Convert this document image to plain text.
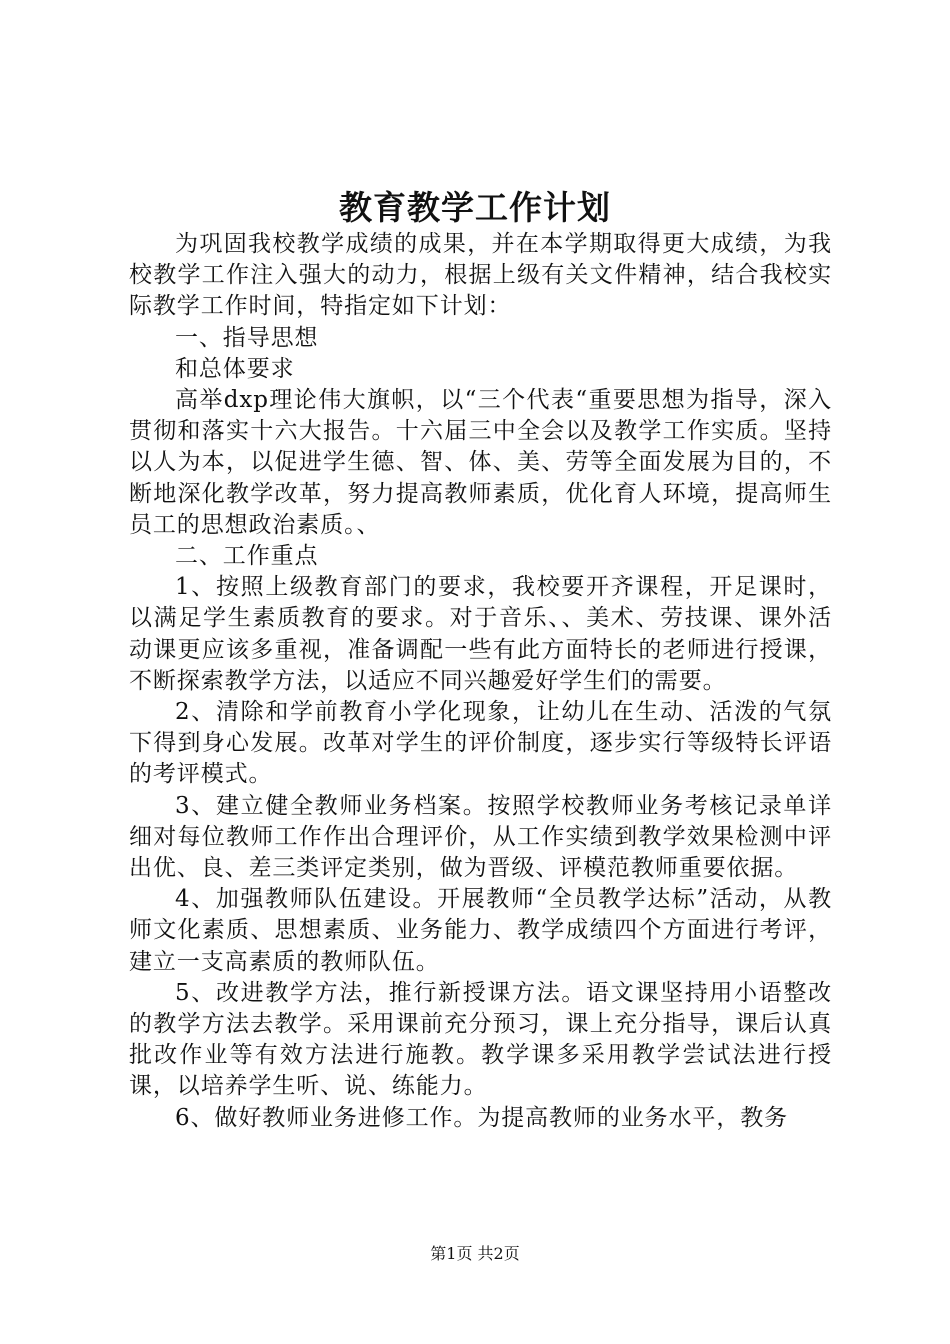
教育教学工作计划

为巩固我校教学成绩的成果，并在本学期取得更大成绩，为我校教学工作注入强大的动力，根据上级有关文件精神，结合我校实际教学工作时间，特指定如下计划：

一、指导思想

和总体要求

高举dxp理论伟大旗帜，以“三个代表“重要思想为指导，深入贯彻和落实十六大报告。十六届三中全会以及教学工作实质。坚持以人为本，以促进学生德、智、体、美、劳等全面发展为目的，不断地深化教学改革，努力提高教师素质，优化育人环境，提高师生员工的思想政治素质。、

二、工作重点

1、按照上级教育部门的要求，我校要开齐课程，开足课时，以满足学生素质教育的要求。对于音乐、、美术、劳技课、课外活动课更应该多重视，准备调配一些有此方面特长的老师进行授课，不断探索教学方法，以适应不同兴趣爱好学生们的需要。

2、清除和学前教育小学化现象，让幼儿在生动、活泼的气氛下得到身心发展。改革对学生的评价制度，逐步实行等级特长评语的考评模式。

3、建立健全教师业务档案。按照学校教师业务考核记录单详细对每位教师工作作出合理评价，从工作实绩到教学效果检测中评出优、良、差三类评定类别，做为晋级、评模范教师重要依据。

4、加强教师队伍建设。开展教师“全员教学达标”活动，从教师文化素质、思想素质、业务能力、教学成绩四个方面进行考评，建立一支高素质的教师队伍。

5、改进教学方法，推行新授课方法。语文课坚持用小语整改的教学方法去教学。采用课前充分预习，课上充分指导，课后认真批改作业等有效方法进行施教。教学课多采用教学尝试法进行授课，以培养学生听、说、练能力。

6、做好教师业务进修工作。为提高教师的业务水平，教务

第1页 共2页
